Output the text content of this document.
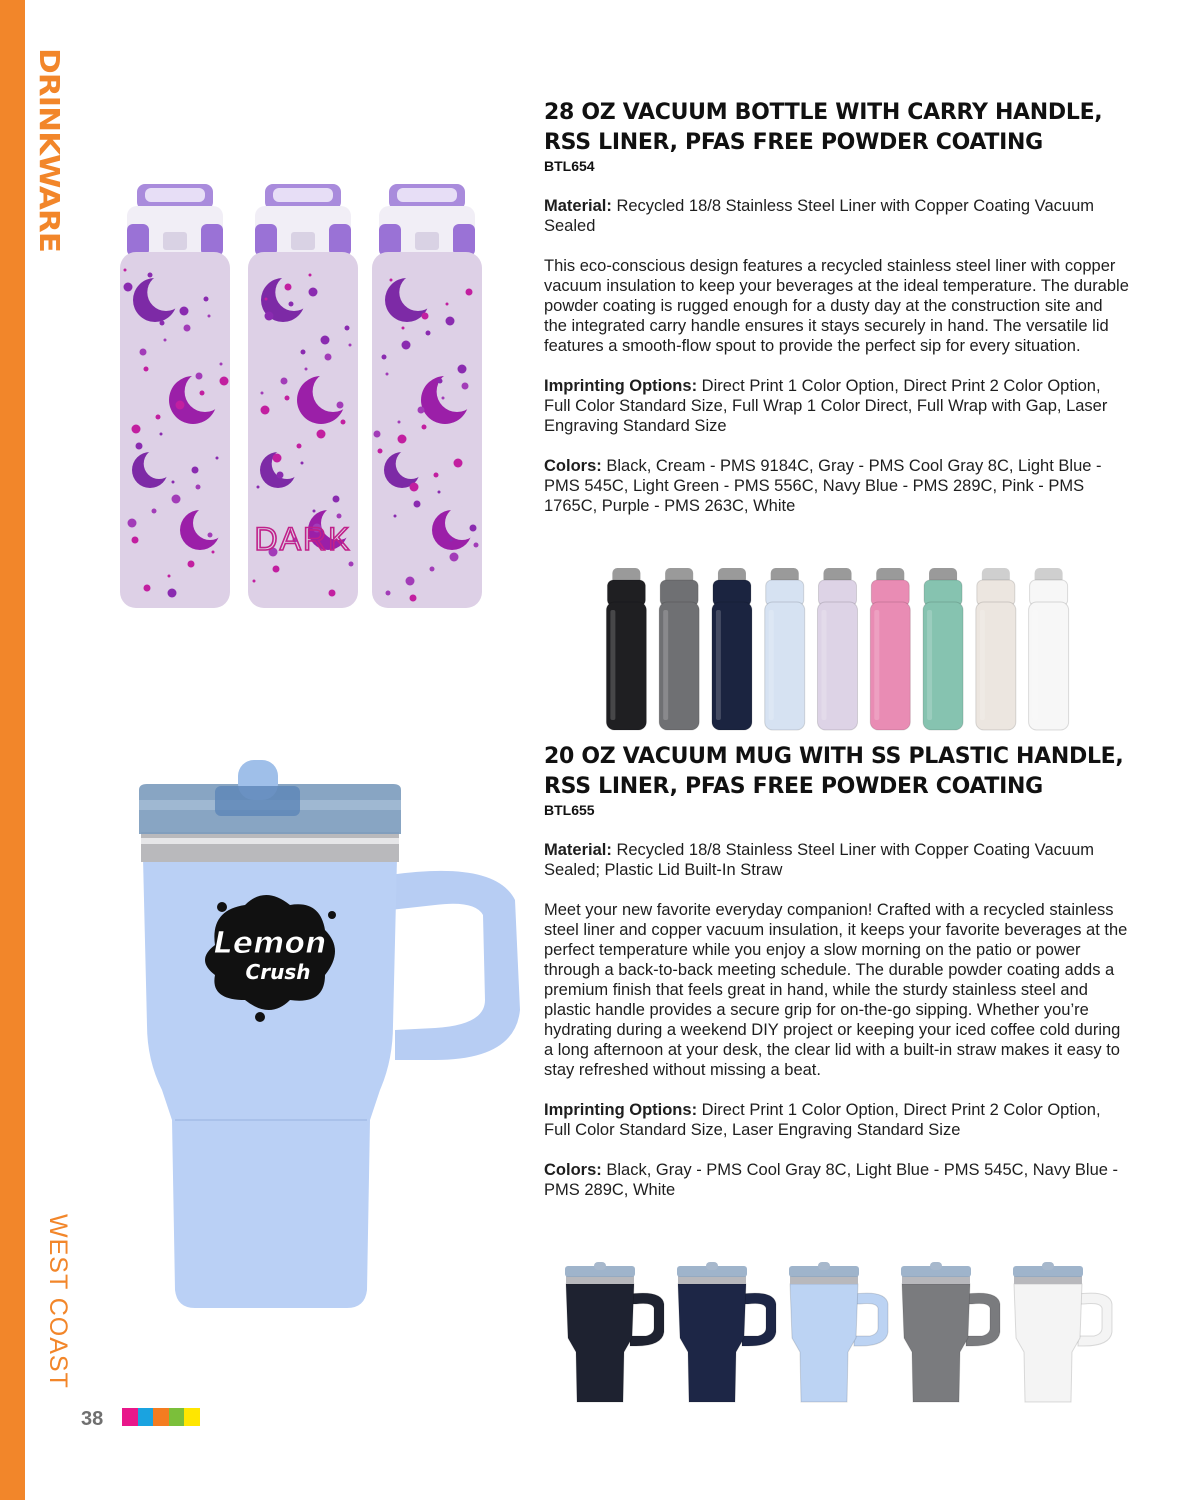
DRINKWARE
WEST COAST
38
DARK
28 OZ VACUUM BOTTLE WITH CARRY HANDLE,
RSS LINER, PFAS FREE POWDER COATING
BTL654

Material: Recycled 18/8 Stainless Steel Liner with Copper Coating Vacuum Sealed

This eco-conscious design features a recycled stainless steel liner with copper vacuum insulation to keep your beverages at the ideal temperature. The durable powder coating is rugged enough for a dusty day at the construction site and the integrated carry handle ensures it stays securely in hand. The versatile lid features a smooth-flow spout to provide the perfect sip for every situation.

Imprinting Options: Direct Print 1 Color Option, Direct Print 2 Color Option, Full Color Standard Size, Full Wrap 1 Color Direct, Full Wrap with Gap, Laser Engraving Standard Size

Colors: Black, Cream - PMS 9184C, Gray - PMS Cool Gray 8C, Light Blue - PMS 545C, Light Green - PMS 556C, Navy Blue - PMS 289C, Pink - PMS 1765C, Purple - PMS 263C, White

Lemon
Crush
20 OZ VACUUM MUG WITH SS PLASTIC HANDLE,
RSS LINER, PFAS FREE POWDER COATING
BTL655

Material: Recycled 18/8 Stainless Steel Liner with Copper Coating Vacuum Sealed; Plastic Lid Built-In Straw

Meet your new favorite everyday companion! Crafted with a recycled stainless steel liner and copper vacuum insulation, it keeps your favorite beverages at the perfect temperature while you enjoy a slow morning on the patio or power through a back-to-back meeting schedule. The durable powder coating adds a premium finish that feels great in hand, while the sturdy stainless steel and plastic handle provides a secure grip for on-the-go sipping. Whether you’re hydrating during a weekend DIY project or keeping your iced coffee cold during a long afternoon at your desk, the clear lid with a built-in straw makes it easy to stay refreshed without missing a beat.

Imprinting Options: Direct Print 1 Color Option, Direct Print 2 Color Option, Full Color Standard Size, Laser Engraving Standard Size

Colors: Black, Gray - PMS Cool Gray 8C, Light Blue - PMS 545C, Navy Blue - PMS 289C, White
